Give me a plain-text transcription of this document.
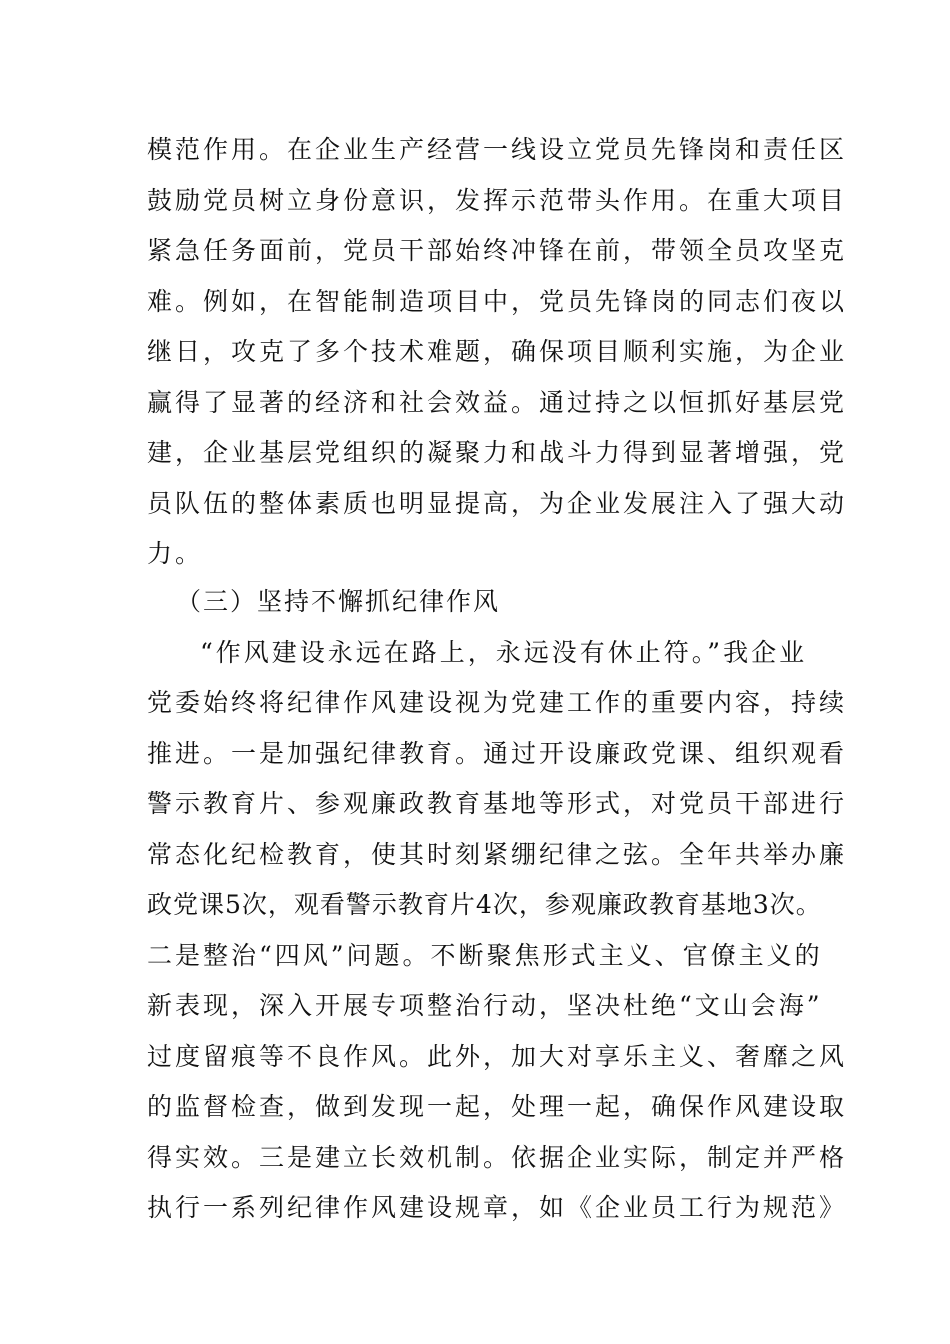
模范作用。在企业生产经营一线设立党员先锋岗和责任区
鼓励党员树立身份意识，发挥示范带头作用。在重大项目
紧急任务面前，党员干部始终冲锋在前，带领全员攻坚克
难。例如，在智能制造项目中，党员先锋岗的同志们夜以
继日，攻克了多个技术难题，确保项目顺利实施，为企业
赢得了显著的经济和社会效益。通过持之以恒抓好基层党
建，企业基层党组织的凝聚力和战斗力得到显著增强，党
员队伍的整体素质也明显提高，为企业发展注入了强大动
力。
（三）坚持不懈抓纪律作风
“作风建设永远在路上，永远没有休止符。”我企业
党委始终将纪律作风建设视为党建工作的重要内容，持续
推进。一是加强纪律教育。通过开设廉政党课、组织观看
警示教育片、参观廉政教育基地等形式，对党员干部进行
常态化纪检教育，使其时刻紧绷纪律之弦。全年共举办廉
政党课5次，观看警示教育片4次，参观廉政教育基地3次。
二是整治“四风”问题。不断聚焦形式主义、官僚主义的
新表现，深入开展专项整治行动，坚决杜绝“文山会海”
过度留痕等不良作风。此外，加大对享乐主义、奢靡之风
的监督检查，做到发现一起，处理一起，确保作风建设取
得实效。三是建立长效机制。依据企业实际，制定并严格
执行一系列纪律作风建设规章，如《企业员工行为规范》
